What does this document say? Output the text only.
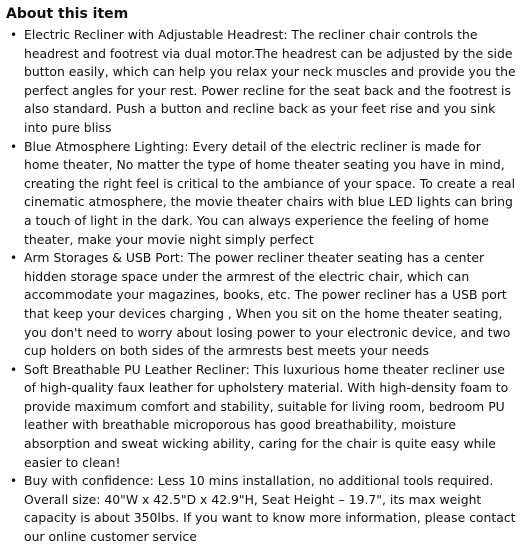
About this item
• Electric Recliner with Adjustable Headrest: The recliner chair controls the headrest and footrest via dual motor.The headrest can be adjusted by the side button easily, which can help you relax your neck muscles and provide you the perfect angles for your rest. Power recline for the seat back and the footrest is also standard. Push a button and recline back as your feet rise and you sink into pure bliss
• Blue Atmosphere Lighting: Every detail of the electric recliner is made for home theater, No matter the type of home theater seating you have in mind, creating the right feel is critical to the ambiance of your space. To create a real cinematic atmosphere, the movie theater chairs with blue LED lights can bring a touch of light in the dark. You can always experience the feeling of home theater, make your movie night simply perfect
• Arm Storages & USB Port: The power recliner theater seating has a center hidden storage space under the armrest of the electric chair, which can accommodate your magazines, books, etc. The power recliner has a USB port that keep your devices charging , When you sit on the home theater seating, you don't need to worry about losing power to your electronic device, and two cup holders on both sides of the armrests best meets your needs
• Soft Breathable PU Leather Recliner: This luxurious home theater recliner use of high-quality faux leather for upholstery material. With high-density foam to provide maximum comfort and stability, suitable for living room, bedroom PU leather with breathable microporous has good breathability, moisture absorption and sweat wicking ability, caring for the chair is quite easy while easier to clean!
• Buy with confidence: Less 10 mins installation, no additional tools required. Overall size: 40"W x 42.5"D x 42.9"H, Seat Height – 19.7", its max weight capacity is about 350lbs. If you want to know more information, please contact our online customer service
